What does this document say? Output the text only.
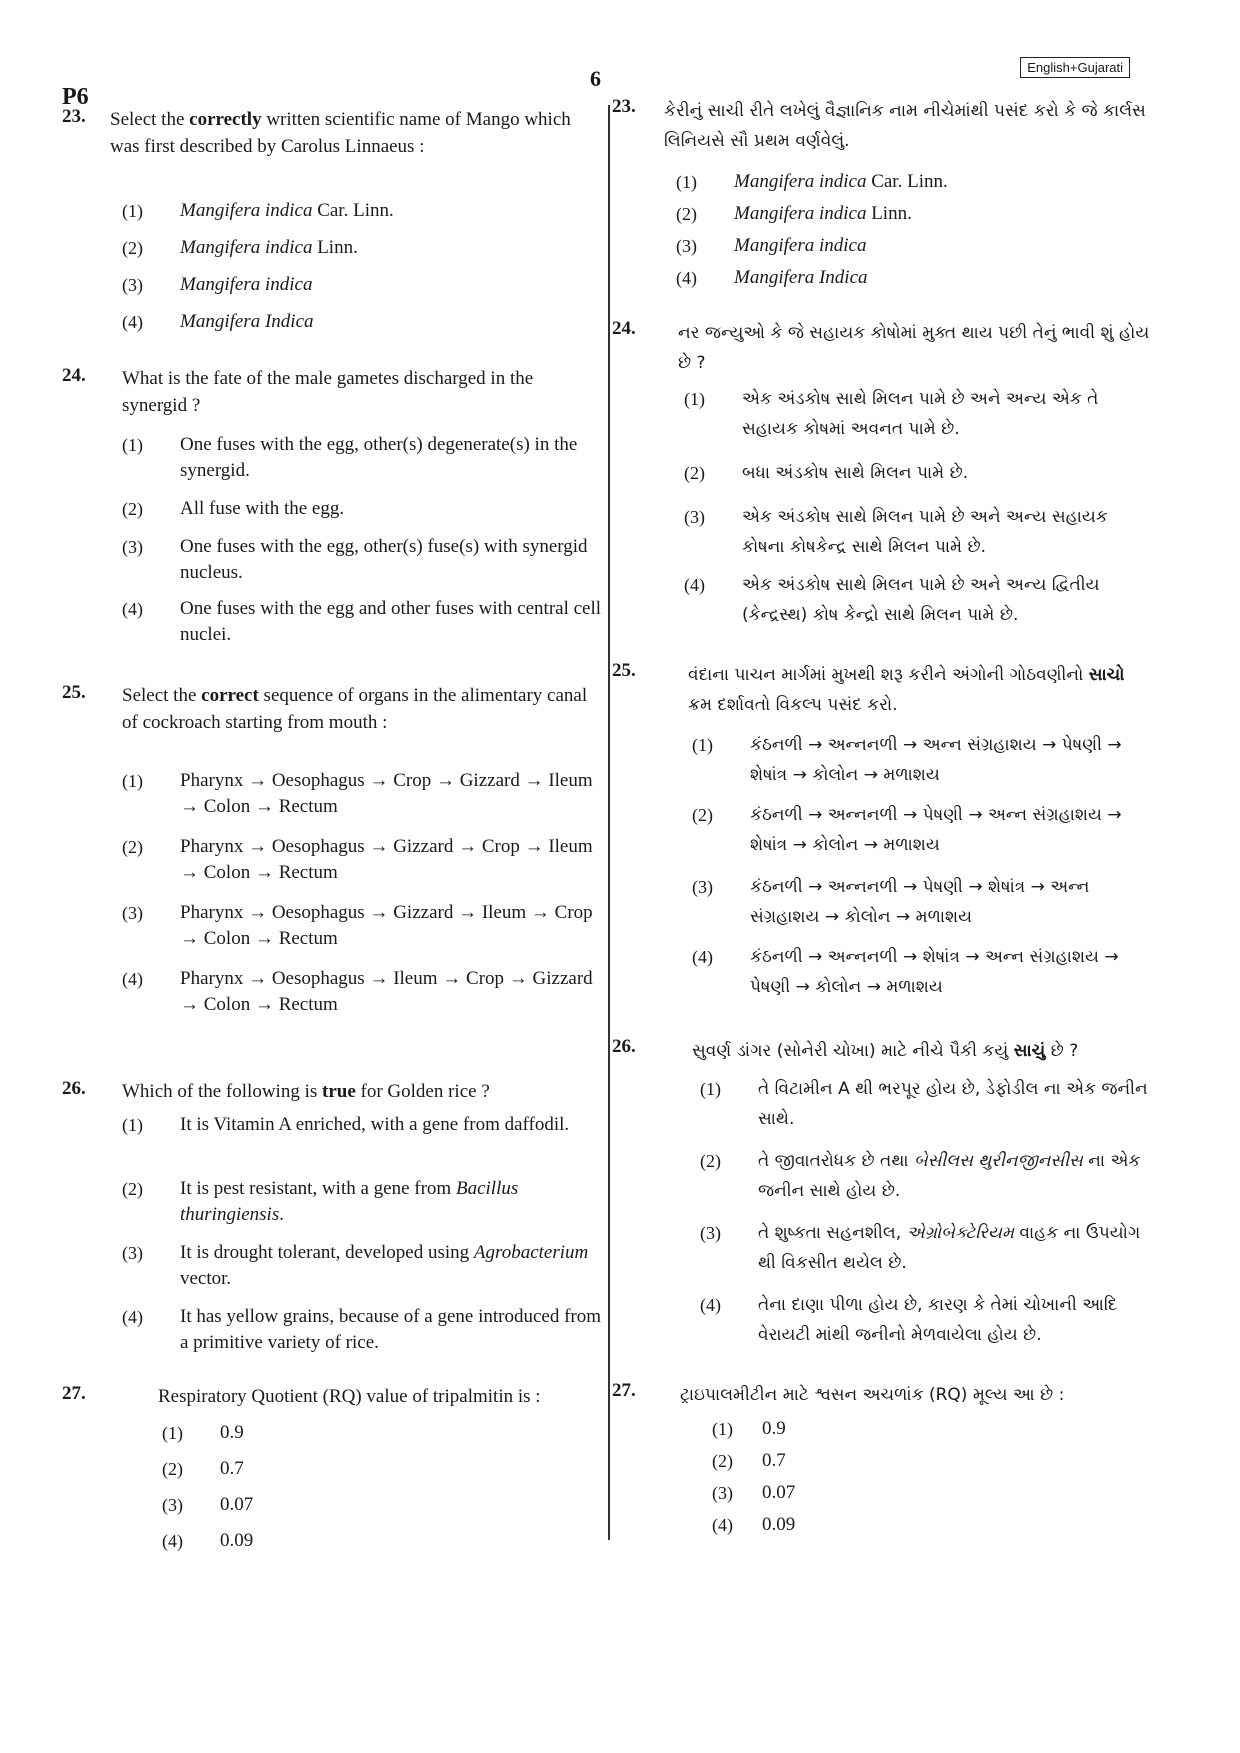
P6
6	English+Gujarati
23. Select the correctly written scientific name of Mango which was first described by Carolus Linnaeus :
(1) Mangifera indica Car. Linn.
(2) Mangifera indica Linn.
(3) Mangifera indica
(4) Mangifera Indica
24. What is the fate of the male gametes discharged in the synergid ?
(1) One fuses with the egg, other(s) degenerate(s) in the synergid.
(2) All fuse with the egg.
(3) One fuses with the egg, other(s) fuse(s) with synergid nucleus.
(4) One fuses with the egg and other fuses with central cell nuclei.
25. Select the correct sequence of organs in the alimentary canal of cockroach starting from mouth :
(1) Pharynx → Oesophagus → Crop → Gizzard → Ileum → Colon → Rectum
(2) Pharynx → Oesophagus → Gizzard → Crop → Ileum → Colon → Rectum
(3) Pharynx → Oesophagus → Gizzard → Ileum → Crop → Colon → Rectum
(4) Pharynx → Oesophagus → Ileum → Crop → Gizzard → Colon → Rectum
26. Which of the following is true for Golden rice ?
(1) It is Vitamin A enriched, with a gene from daffodil.
(2) It is pest resistant, with a gene from Bacillus thuringiensis.
(3) It is drought tolerant, developed using Agrobacterium vector.
(4) It has yellow grains, because of a gene introduced from a primitive variety of rice.
27.	Respiratory Quotient (RQ) value of tripalmitin is :
(1) 0.9
(2) 0.7
(3) 0.07
(4) 0.09
23. કેરીનું સાચી રીતે લખેલું વૈજ્ઞાનિક નામ નીચેમાંથી પસંદ કરો કે જે કાર્લસ લિનિયસે સૌ પ્રથમ વર્ણવેલું.
(1) Mangifera indica Car. Linn.
(2) Mangifera indica Linn.
(3) Mangifera indica
(4) Mangifera Indica
24. નર જન્યુઓ કે જે સહાયક કોષોમાં મુક્ત થાય પછી તેનું ભાવી શું હોય છે ?
(1) એક અંડકોષ સાથે મિલન પામે છે અને અન્ય એક તે સહાયક કોષમાં અવનત પામે છે.
(2) બધા અંડકોષ સાથે મિલન પામે છે.
(3) એક અંડકોષ સાથે મિલન પામે છે અને અન્ય સહાયક કોષના કોષકેન્દ્ર સાથે મિલન પામે છે.
(4) એક અંડકોષ સાથે મિલન પામે છે અને અન્ય દ્વિતીય (કેન્દ્રસ્થ) કોષ કેન્દ્રો સાથે મિલન પામે છે.
25.	વંદાના પાચન માર્ગમાં મુખથી શરૂ કરીને અંગોની ગોઠવણીનો સાચો ક્રમ દર્શાવતો વિકલ્પ પસંદ કરો.
(1) કંઠનળી → અન્નનળી → અન્ન સંગ્રહાશય → પેષણી → શેષાંત્ર → કોલોન → મળાશય
(2) કંઠનળી → અન્નનળી → પેષણી → અન્ન સંગ્રહાશય → શેષાંત્ર → કોલોન → મળાશય
(3) કંઠનળી → અન્નનળી → પેષણી → શેષાંત્ર → અન્ન સંગ્રહાશય → કોલોન → મળાશય
(4) કંઠનળી → અન્નનળી → શેષાંત્ર → અન્ન સંગ્રહાશય → પેષણી → કોલોન → મળાશય
26.	સુવર્ણ ડાંગર (સોનેરી ચોખા) માટે નીચે પૈકી કયું સાચું છે ?
(1) તે વિટામીન A થી ભરપૂર હોય છે, ડેફોડીલ ના એક જનીન સાથે.
(2) તે જીવાતરોધક છે તથા બેસીલસ થુરીનજીનસીસ ના એક જનીન સાથે હોય છે.
(3) તે શુષ્કતા સહનશીલ, એગ્રોબેક્ટેરિયમ વાહક ના ઉપયોગ થી વિકસીત થયેલ છે.
(4) તેના દાણા પીળા હોય છે, કારણ કે તેમાં ચોખાની આદિ વેરાયટી માંથી જનીનો મેળવાયેલા હોય છે.
27.	ટ્રાઇપાલમીટીન માટે શ્વસન અચળાંક (RQ) મૂલ્ય આ છે :
(1) 0.9
(2) 0.7
(3) 0.07
(4) 0.09
